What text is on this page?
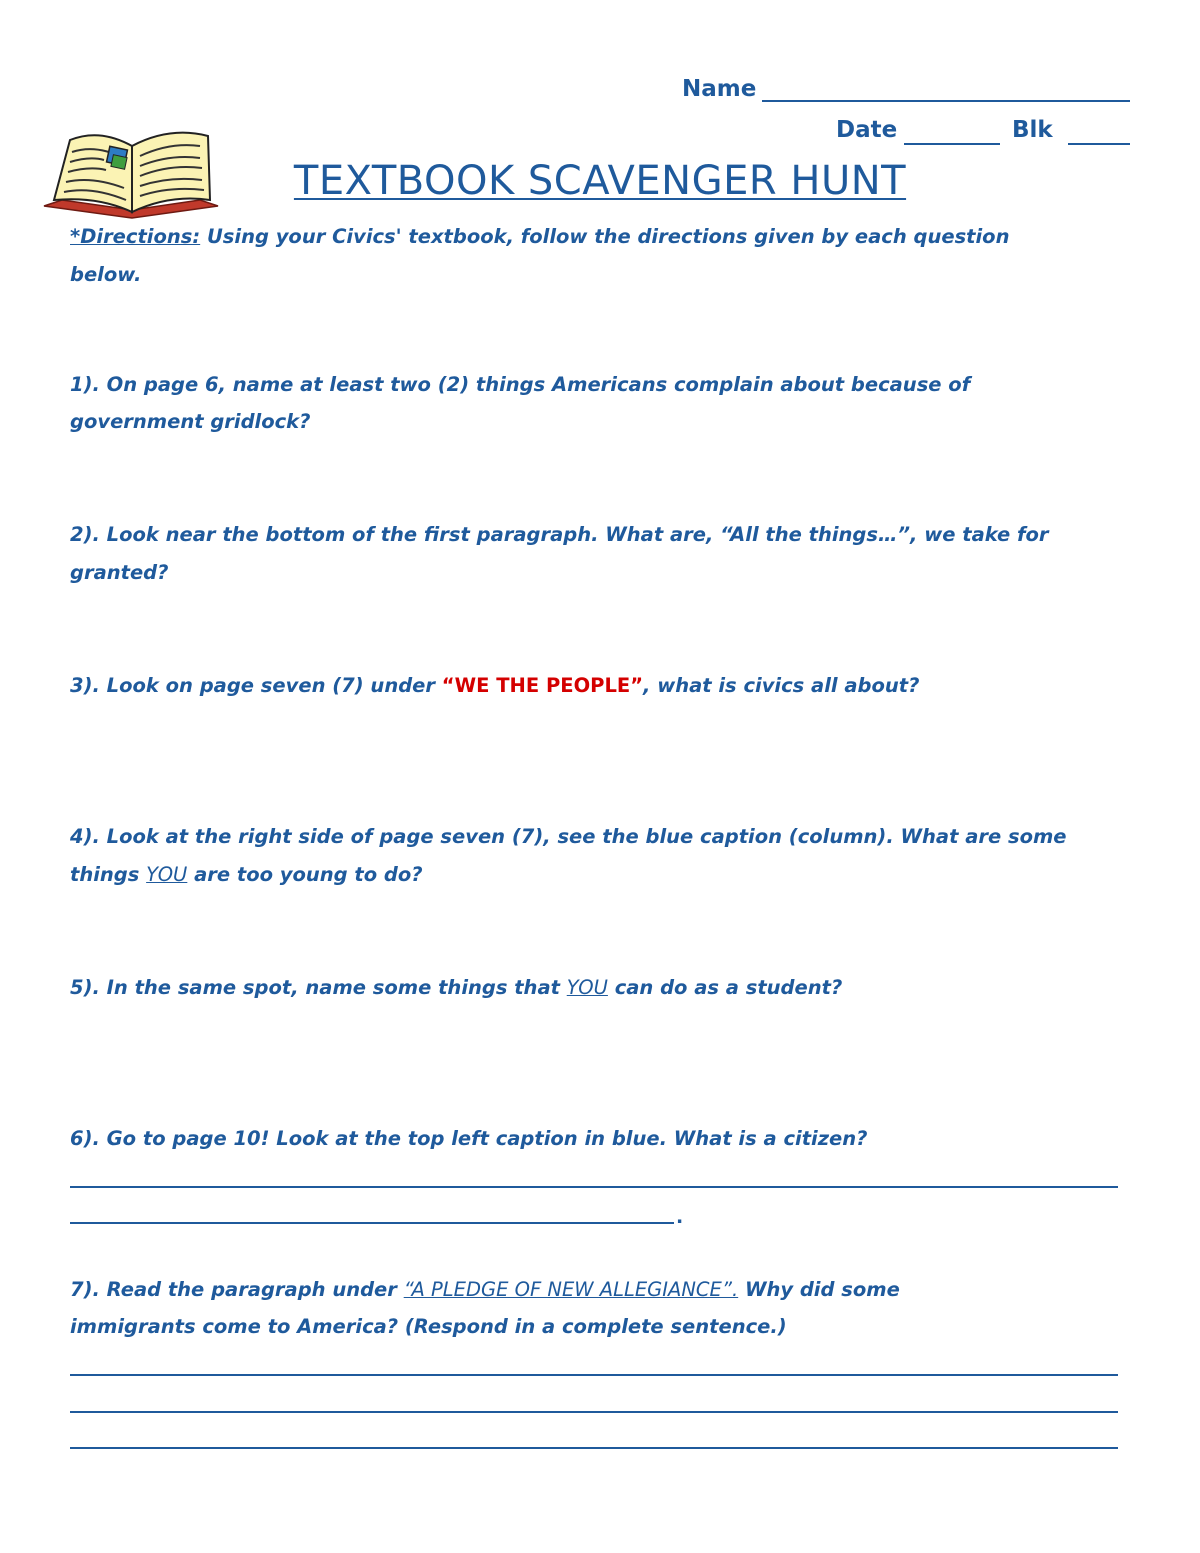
Name
Date	Blk
TEXTBOOK SCAVENGER HUNT
*Directions: Using your Civics' textbook, follow the directions given by each question
below.
1). On page 6, name at least two (2) things Americans complain about because of
government gridlock?
2). Look near the bottom of the first paragraph. What are, “All the things…”, we take for
granted?
3). Look on page seven (7) under “WE THE PEOPLE”, what is civics all about?
4). Look at the right side of page seven (7), see the blue caption (column). What are some
things YOU are too young to do?
5). In the same spot, name some things that YOU can do as a student?
6). Go to page 10! Look at the top left caption in blue. What is a citizen?
.
7). Read the paragraph under “A PLEDGE OF NEW ALLEGIANCE”. Why did some
immigrants come to America? (Respond in a complete sentence.)
